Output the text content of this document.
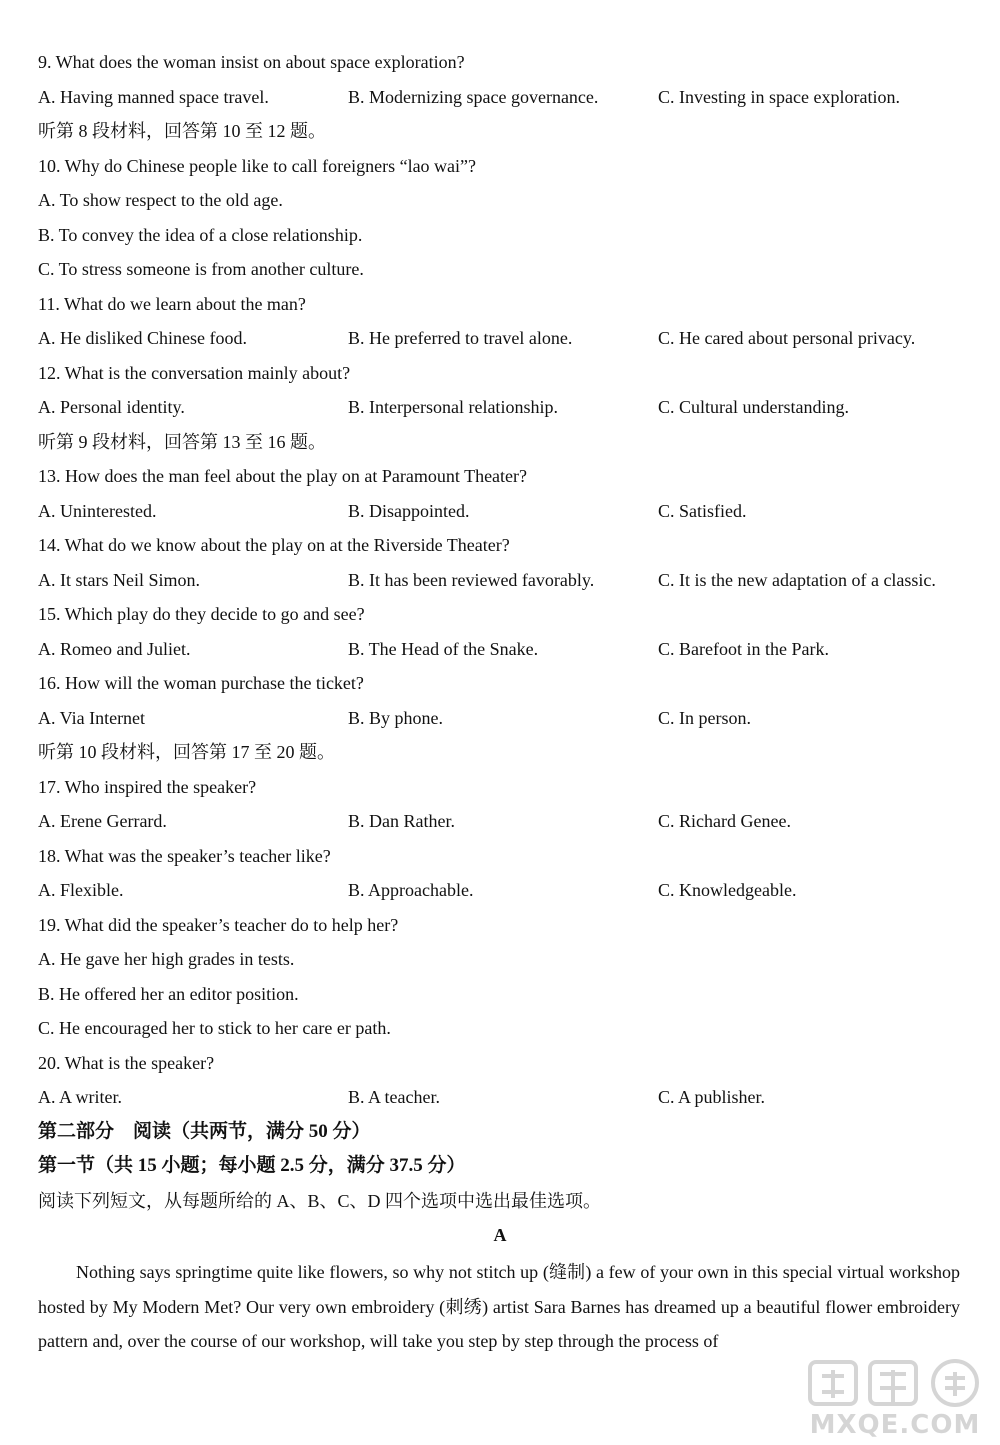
9. What does the woman insist on about space exploration?
A. Having manned space travel.	B. Modernizing space governance.	C. Investing in space exploration.
听第 8 段材料，回答第 10 至 12 题。
10. Why do Chinese people like to call foreigners “lao wai”?
A. To show respect to the old age.
B. To convey the idea of a close relationship.
C. To stress someone is from another culture.
11. What do we learn about the man?
A. He disliked Chinese food.	B. He preferred to travel alone.	C. He cared about personal privacy.
12. What is the conversation mainly about?
A. Personal identity.	B. Interpersonal relationship.	C. Cultural understanding.
听第 9 段材料，回答第 13 至 16 题。
13. How does the man feel about the play on at Paramount Theater?
A. Uninterested.	B. Disappointed.	C. Satisfied.
14. What do we know about the play on at the Riverside Theater?
A. It stars Neil Simon.	B. It has been reviewed favorably.	C. It is the new adaptation of a classic.
15. Which play do they decide to go and see?
A. Romeo and Juliet.	B. The Head of the Snake.	C. Barefoot in the Park.
16. How will the woman purchase the ticket?
A. Via Internet	B. By phone.	C. In person.
听第 10 段材料，回答第 17 至 20 题。
17. Who inspired the speaker?
A. Erene Gerrard.	B. Dan Rather.	C. Richard Genee.
18. What was the speaker’s teacher like?
A. Flexible.	B. Approachable.	C. Knowledgeable.
19. What did the speaker’s teacher do to help her?
A. He gave her high grades in tests.
B. He offered her an editor position.
C. He encouraged her to stick to her care er path.
20. What is the speaker?
A. A writer.	B. A teacher.	C. A publisher.
第二部分　阅读（共两节，满分 50 分）
第一节（共 15 小题；每小题 2.5 分，满分 37.5 分）
阅读下列短文，从每题所给的 A、B、C、D 四个选项中选出最佳选项。
A
Nothing says springtime quite like flowers, so why not stitch up (缝制) a few of your own in this special virtual workshop hosted by My Modern Met? Our very own embroidery (刺绣) artist Sara Barnes has dreamed up a beautiful flower embroidery pattern and, over the course of our workshop, will take you step by step through the process of
MXQE.COM
